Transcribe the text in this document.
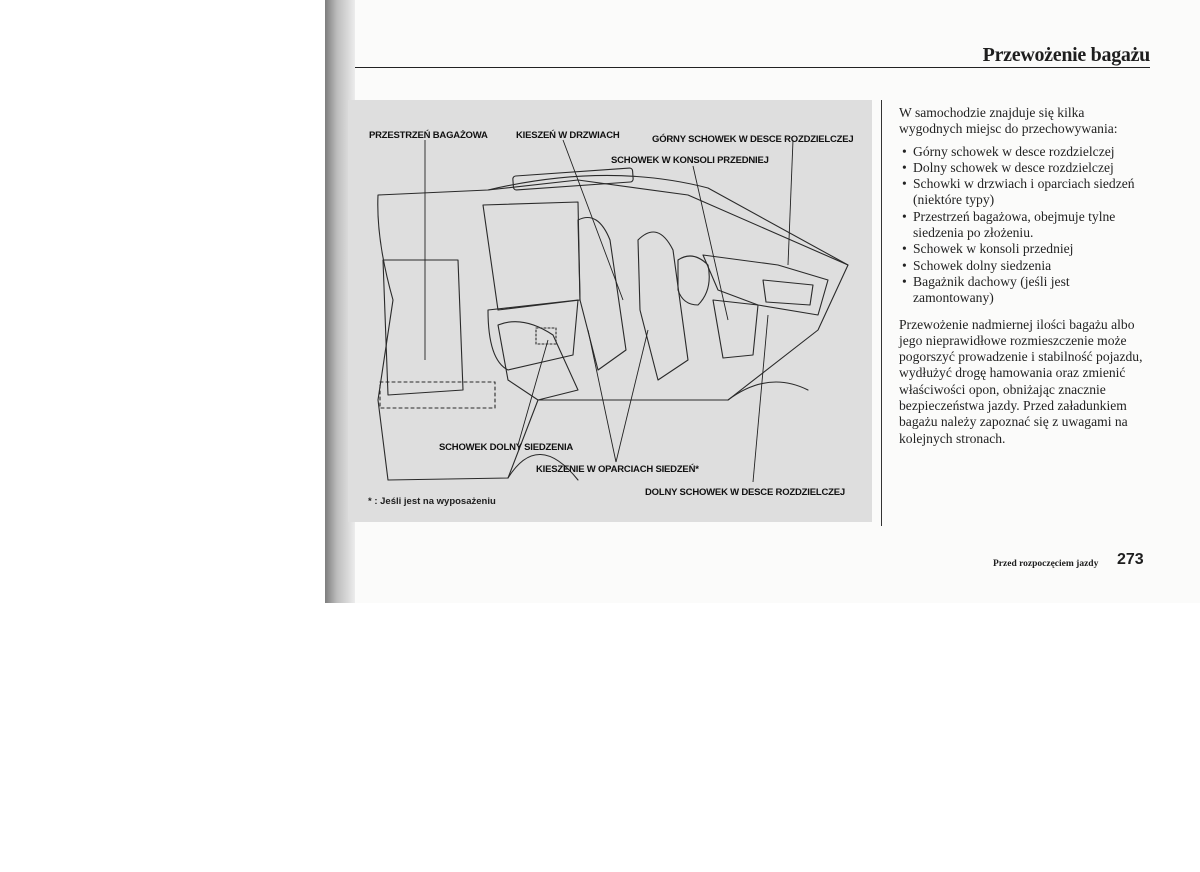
Przewożenie bagażu
PRZESTRZEŃ BAGAŻOWA	KIESZEŃ W DRZWIACH	GÓRNY SCHOWEK W DESCE ROZDZIELCZEJ
SCHOWEK W KONSOLI PRZEDNIEJ
SCHOWEK DOLNY SIEDZENIA
KIESZENIE W OPARCIACH SIEDZEŃ*
DOLNY SCHOWEK W DESCE ROZDZIELCZEJ
* : Jeśli jest na wyposażeniu

W samochodzie znajduje się kilka wygodnych miejsc do przechowywania:

• Górny schowek w desce rozdzielczej
• Dolny schowek w desce rozdzielczej
• Schowki w drzwiach i oparciach siedzeń (niektóre typy)
• Przestrzeń bagażowa, obejmuje tylne siedzenia po złożeniu.
• Schowek w konsoli przedniej
• Schowek dolny siedzenia
• Bagażnik dachowy (jeśli jest zamontowany)

Przewożenie nadmiernej ilości bagażu albo jego nieprawidłowe rozmieszczenie może pogorszyć prowadzenie i stabilność pojazdu, wydłużyć drogę hamowania oraz zmienić właściwości opon, obniżając znacznie bezpieczeństwa jazdy. Przed załadunkiem bagażu należy zapoznać się z uwagami na kolejnych stronach.

Przed rozpoczęciem jazdy 273
